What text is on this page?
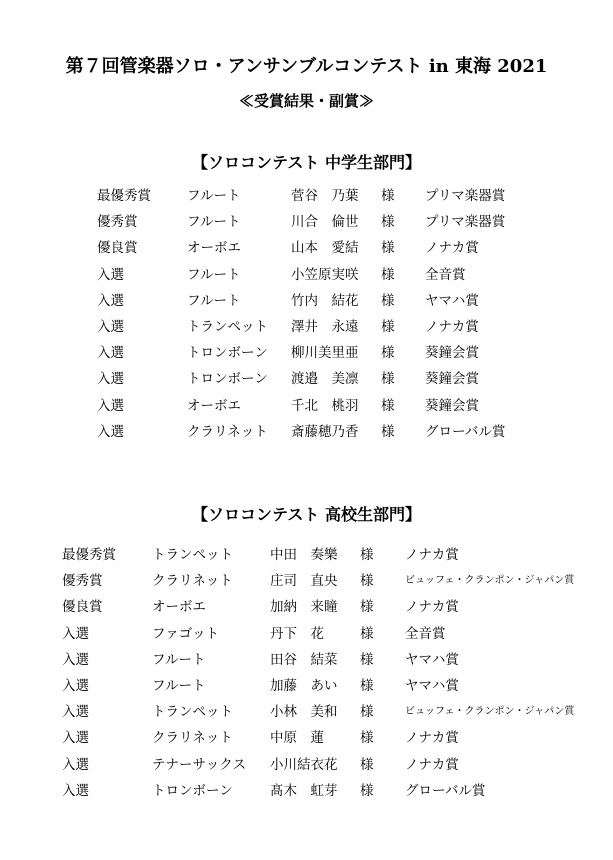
第７回管楽器ソロ・アンサンブルコンテスト in 東海 2021
≪受賞結果・副賞≫
【ソロコンテスト 中学生部門】
最優秀賞	フルート	菅谷　乃葉 様 プリマ楽器賞
優秀賞	フルート	川合　倫世 様 プリマ楽器賞
優良賞	オーボエ	山本　愛結 様 ノナカ賞
入選	フルート	小笠原実咲 様 全音賞
入選	フルート	竹内　結花 様 ヤマハ賞
入選	トランペット 澤井　永遠 様 ノナカ賞
入選	トロンボーン 柳川美里亜 様 葵鐘会賞
入選	トロンボーン 渡邉　美凛 様 葵鐘会賞
入選	オーボエ	千北　桃羽 様 葵鐘会賞
入選	クラリネット 斎藤穂乃香 様 グローバル賞
【ソロコンテスト 高校生部門】
最優秀賞	トランペット	中田　奏樂 様 ノナカ賞
優秀賞	クラリネット	庄司　直央 様	ビュッフェ・クランポン・ジャパン賞
優良賞	オーボエ	加納　来瞳 様 ノナカ賞
入選	ファゴット	丹下　花	様 全音賞
入選	フルート	田谷　結菜 様 ヤマハ賞
入選	フルート	加藤　あい 様 ヤマハ賞
入選	トランペット	小林　美和 様	ビュッフェ・クランポン・ジャパン賞
入選	クラリネット	中原　蓮	様 ノナカ賞
入選	テナーサックス 小川結衣花 様 ノナカ賞
入選	トロンボーン	髙木　虹芽 様 グローバル賞
